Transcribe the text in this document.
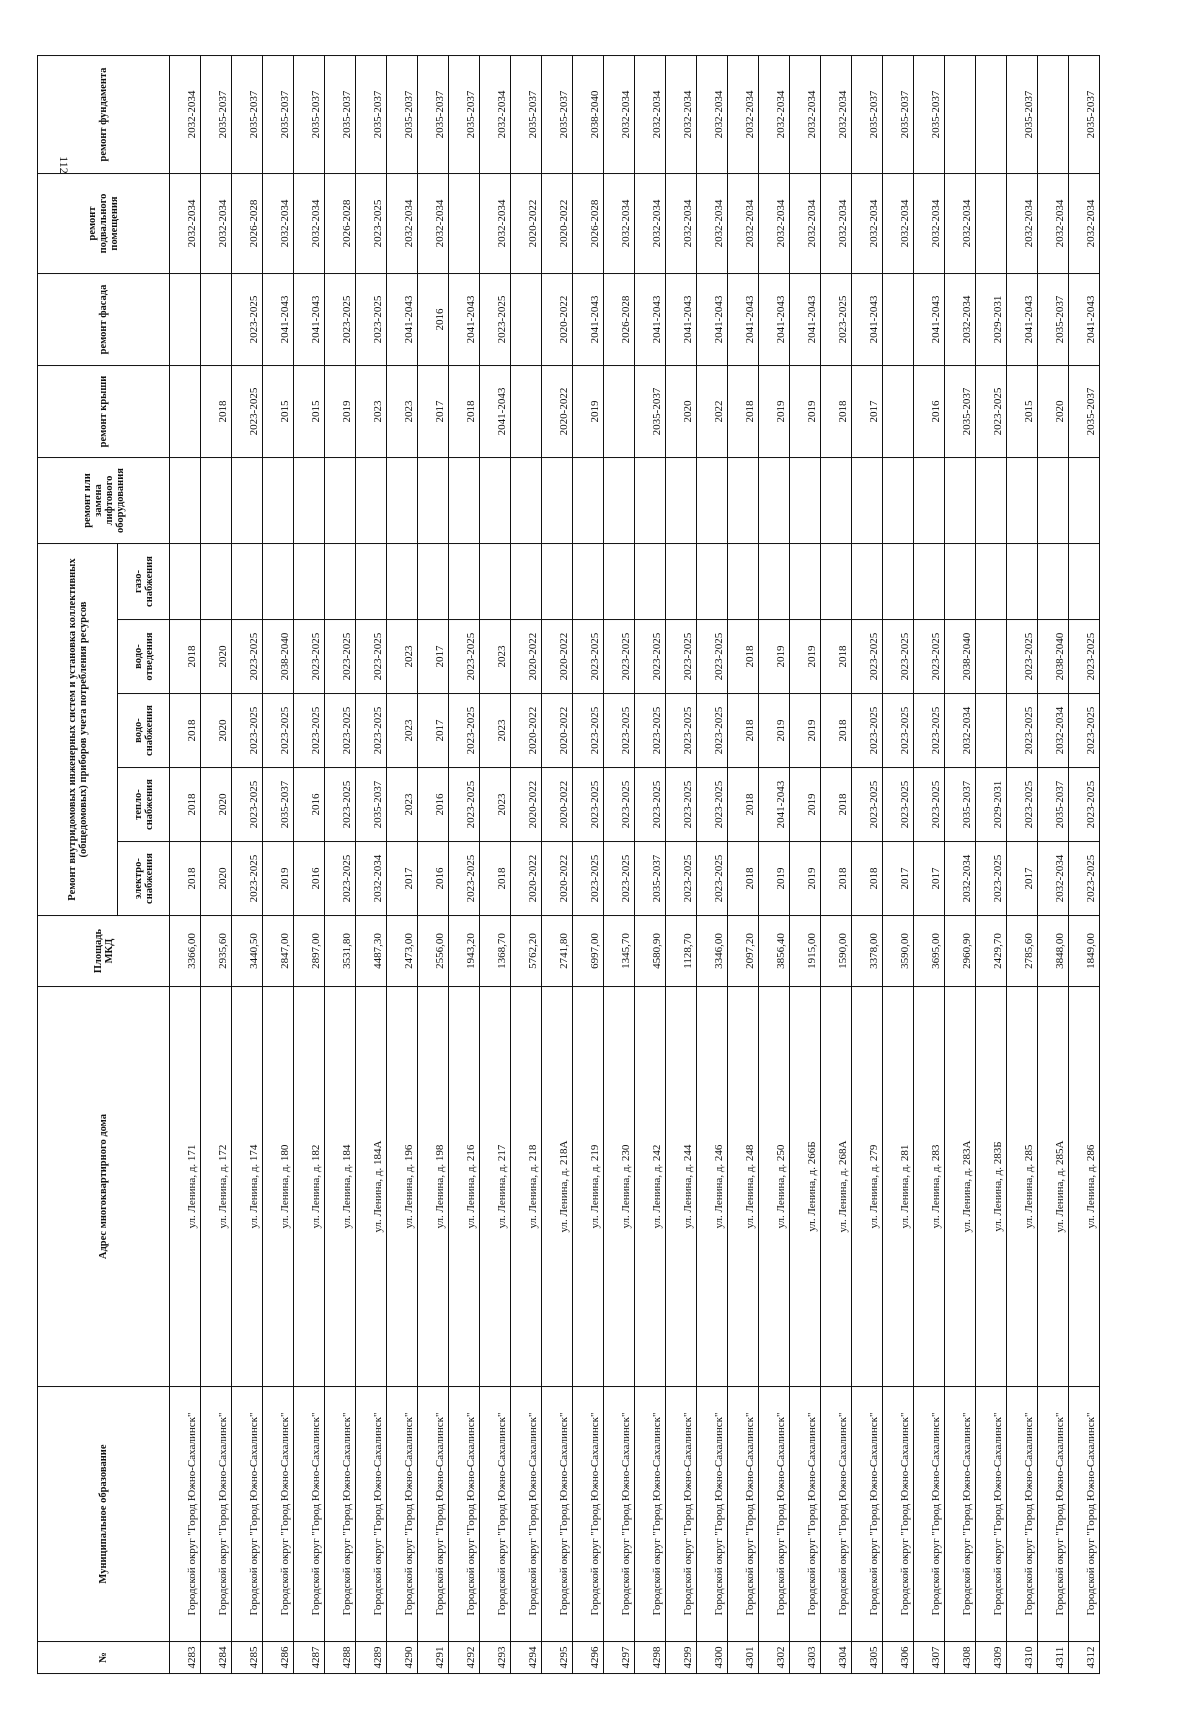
112
№	Муниципальное образование	Адрес многоквартирного дома	Площадь МКД	Ремонт внутридомовых инженерных систем и установка коллективных (общедомовых) приборов учета потребления ресурсов					ремонт или замена лифтового оборудования	ремонт крыши	ремонт фасада	ремонт подвального помещения	ремонт фундамента
				электро-снабжения	тепло-снабжения	водо-снабжения	водо-отведения	газо-снабжения					
4283	Городской округ "Город Южно-Сахалинск"	ул. Ленина, д. 171	3366,00	2018	2018	2018	2018					2032-2034	2032-2034
4284	Городской округ "Город Южно-Сахалинск"	ул. Ленина, д. 172	2935,60	2020	2020	2020	2020			2018		2032-2034	2035-2037
4285	Городской округ "Город Южно-Сахалинск"	ул. Ленина, д. 174	3440,50	2023-2025	2023-2025	2023-2025	2023-2025			2023-2025	2023-2025	2026-2028	2035-2037
4286	Городской округ "Город Южно-Сахалинск"	ул. Ленина, д. 180	2847,00	2019	2035-2037	2023-2025	2038-2040			2015	2041-2043	2032-2034	2035-2037
4287	Городской округ "Город Южно-Сахалинск"	ул. Ленина, д. 182	2897,00	2016	2016	2023-2025	2023-2025			2015	2041-2043	2032-2034	2035-2037
4288	Городской округ "Город Южно-Сахалинск"	ул. Ленина, д. 184	3531,80	2023-2025	2023-2025	2023-2025	2023-2025			2019	2023-2025	2026-2028	2035-2037
4289	Городской округ "Город Южно-Сахалинск"	ул. Ленина, д. 184А	4487,30	2032-2034	2035-2037	2023-2025	2023-2025			2023	2023-2025	2023-2025	2035-2037
4290	Городской округ "Город Южно-Сахалинск"	ул. Ленина, д. 196	2473,00	2017	2023	2023	2023			2023	2041-2043	2032-2034	2035-2037
4291	Городской округ "Город Южно-Сахалинск"	ул. Ленина, д. 198	2556,00	2016	2016	2017	2017			2017	2016	2032-2034	2035-2037
4292	Городской округ "Город Южно-Сахалинск"	ул. Ленина, д. 216	1943,20	2023-2025	2023-2025	2023-2025	2023-2025			2018	2041-2043		2035-2037
4293	Городской округ "Город Южно-Сахалинск"	ул. Ленина, д. 217	1368,70	2018	2023	2023	2023			2041-2043	2023-2025	2032-2034	2032-2034
4294	Городской округ "Город Южно-Сахалинск"	ул. Ленина, д. 218	5762,20	2020-2022	2020-2022	2020-2022	2020-2022					2020-2022	2035-2037
4295	Городской округ "Город Южно-Сахалинск"	ул. Ленина, д. 218А	2741,80	2020-2022	2020-2022	2020-2022	2020-2022			2020-2022	2020-2022	2020-2022	2035-2037
4296	Городской округ "Город Южно-Сахалинск"	ул. Ленина, д. 219	6997,00	2023-2025	2023-2025	2023-2025	2023-2025			2019	2041-2043	2026-2028	2038-2040
4297	Городской округ "Город Южно-Сахалинск"	ул. Ленина, д. 230	1345,70	2023-2025	2023-2025	2023-2025	2023-2025				2026-2028	2032-2034	2032-2034
4298	Городской округ "Город Южно-Сахалинск"	ул. Ленина, д. 242	4580,90	2035-2037	2023-2025	2023-2025	2023-2025			2035-2037	2041-2043	2032-2034	2032-2034
4299	Городской округ "Город Южно-Сахалинск"	ул. Ленина, д. 244	1128,70	2023-2025	2023-2025	2023-2025	2023-2025			2020	2041-2043	2032-2034	2032-2034
4300	Городской округ "Город Южно-Сахалинск"	ул. Ленина, д. 246	3346,00	2023-2025	2023-2025	2023-2025	2023-2025			2022	2041-2043	2032-2034	2032-2034
4301	Городской округ "Город Южно-Сахалинск"	ул. Ленина, д. 248	2097,20	2018	2018	2018	2018			2018	2041-2043	2032-2034	2032-2034
4302	Городской округ "Город Южно-Сахалинск"	ул. Ленина, д. 250	3856,40	2019	2041-2043	2019	2019			2019	2041-2043	2032-2034	2032-2034
4303	Городской округ "Город Южно-Сахалинск"	ул. Ленина, д. 266Б	1915,00	2019	2019	2019	2019			2019	2041-2043	2032-2034	2032-2034
4304	Городской округ "Город Южно-Сахалинск"	ул. Ленина, д. 268А	1590,00	2018	2018	2018	2018			2018	2023-2025	2032-2034	2032-2034
4305	Городской округ "Город Южно-Сахалинск"	ул. Ленина, д. 279	3378,00	2018	2023-2025	2023-2025	2023-2025			2017	2041-2043	2032-2034	2035-2037
4306	Городской округ "Город Южно-Сахалинск"	ул. Ленина, д. 281	3590,00	2017	2023-2025	2023-2025	2023-2025					2032-2034	2035-2037
4307	Городской округ "Город Южно-Сахалинск"	ул. Ленина, д. 283	3695,00	2017	2023-2025	2023-2025	2023-2025			2016	2041-2043	2032-2034	2035-2037
4308	Городской округ "Город Южно-Сахалинск"	ул. Ленина, д. 283А	2960,90	2032-2034	2035-2037	2032-2034	2038-2040			2035-2037	2032-2034	2032-2034	
4309	Городской округ "Город Южно-Сахалинск"	ул. Ленина, д. 283Б	2429,70	2023-2025	2029-2031					2023-2025	2029-2031		
4310	Городской округ "Город Южно-Сахалинск"	ул. Ленина, д. 285	2785,60	2017	2023-2025	2023-2025	2023-2025			2015	2041-2043	2032-2034	2035-2037
4311	Городской округ "Город Южно-Сахалинск"	ул. Ленина, д. 285А	3848,00	2032-2034	2035-2037	2032-2034	2038-2040			2020	2035-2037	2032-2034	
4312	Городской округ "Город Южно-Сахалинск"	ул. Ленина, д. 286	1849,00	2023-2025	2023-2025	2023-2025	2023-2025			2035-2037	2041-2043	2032-2034	2035-2037
